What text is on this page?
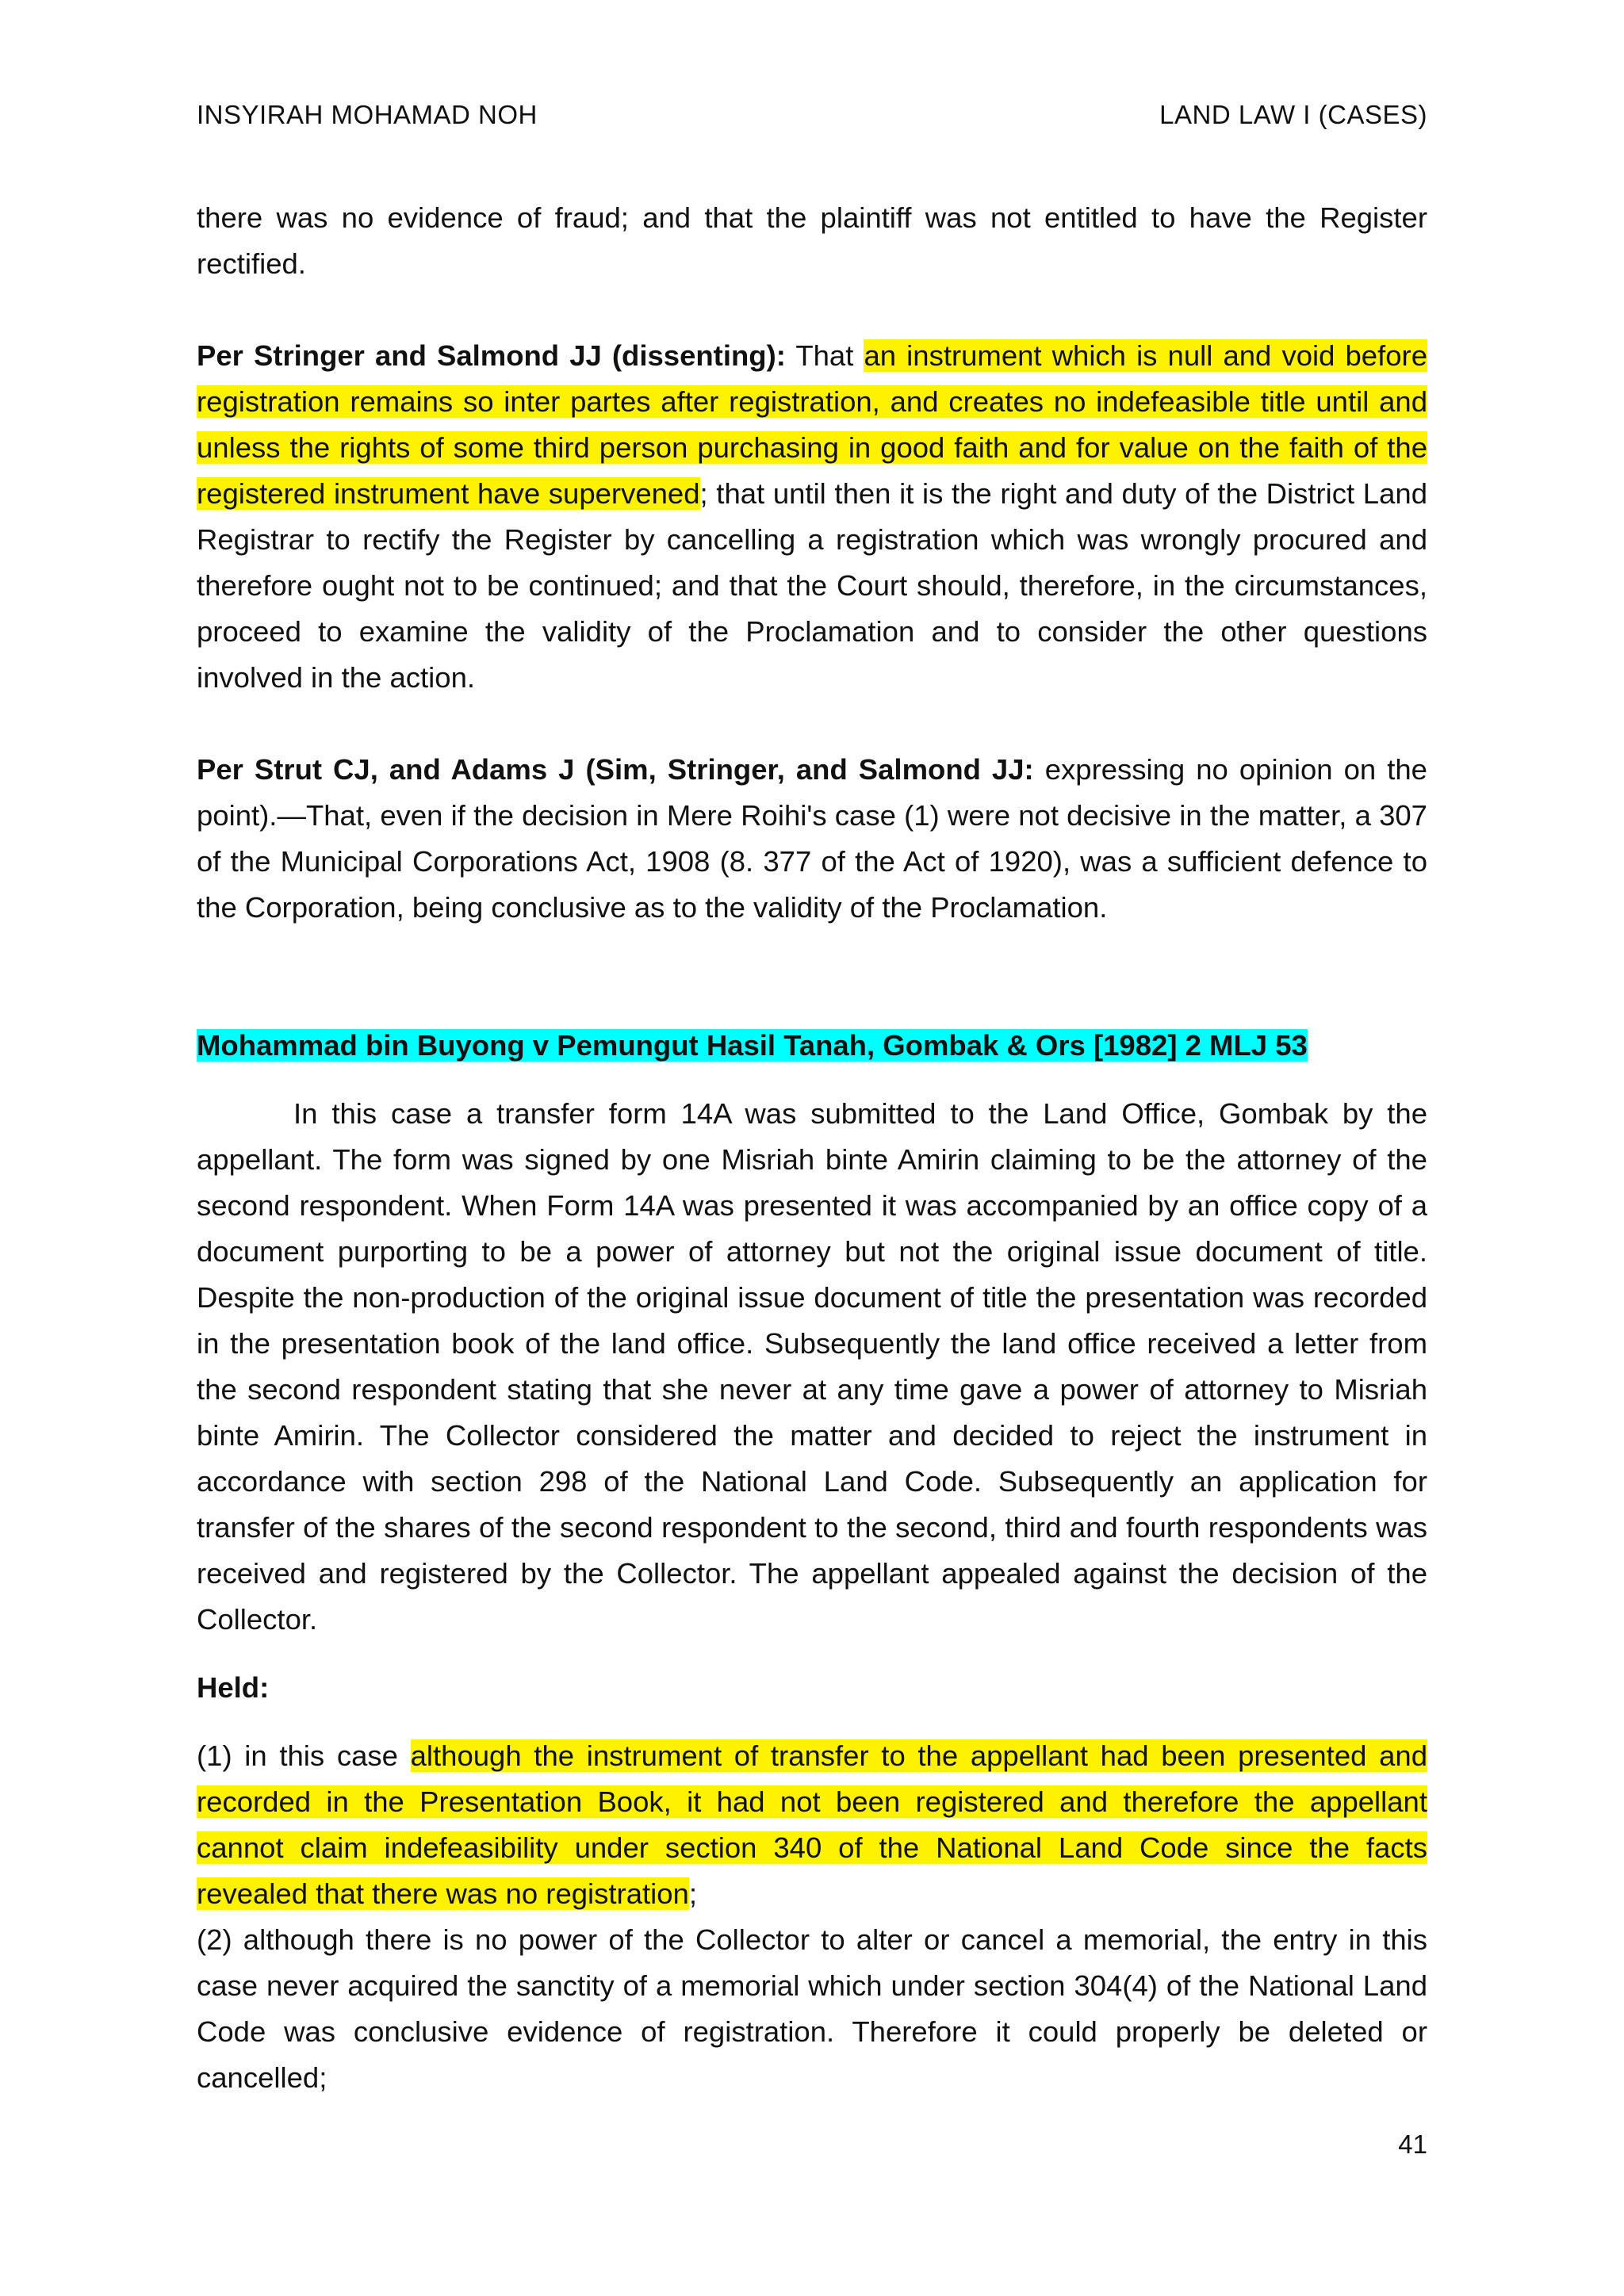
INSYIRAH MOHAMAD NOH	LAND LAW I (CASES)

there was no evidence of fraud; and that the plaintiff was not entitled to have the Register rectified.

Per Stringer and Salmond JJ (dissenting): That an instrument which is null and void before registration remains so inter partes after registration, and creates no indefeasible title until and unless the rights of some third person purchasing in good faith and for value on the faith of the registered instrument have supervened; that until then it is the right and duty of the District Land Registrar to rectify the Register by cancelling a registration which was wrongly procured and therefore ought not to be continued; and that the Court should, therefore, in the circumstances, proceed to examine the validity of the Proclamation and to consider the other questions involved in the action.

Per Strut CJ, and Adams J (Sim, Stringer, and Salmond JJ: expressing no opinion on the point).—That, even if the decision in Mere Roihi's case (1) were not decisive in the matter, a 307 of the Municipal Corporations Act, 1908 (8. 377 of the Act of 1920), was a sufficient defence to the Corporation, being conclusive as to the validity of the Proclamation.

Mohammad bin Buyong v Pemungut Hasil Tanah, Gombak & Ors [1982] 2 MLJ 53

In this case a transfer form 14A was submitted to the Land Office, Gombak by the appellant. The form was signed by one Misriah binte Amirin claiming to be the attorney of the second respondent. When Form 14A was presented it was accompanied by an office copy of a document purporting to be a power of attorney but not the original issue document of title. Despite the non-production of the original issue document of title the presentation was recorded in the presentation book of the land office. Subsequently the land office received a letter from the second respondent stating that she never at any time gave a power of attorney to Misriah binte Amirin. The Collector considered the matter and decided to reject the instrument in accordance with section 298 of the National Land Code. Subsequently an application for transfer of the shares of the second respondent to the second, third and fourth respondents was received and registered by the Collector. The appellant appealed against the decision of the Collector.

Held:

(1) in this case although the instrument of transfer to the appellant had been presented and recorded in the Presentation Book, it had not been registered and therefore the appellant cannot claim indefeasibility under section 340 of the National Land Code since the facts revealed that there was no registration;

(2) although there is no power of the Collector to alter or cancel a memorial, the entry in this case never acquired the sanctity of a memorial which under section 304(4) of the National Land Code was conclusive evidence of registration. Therefore it could properly be deleted or cancelled;

41
